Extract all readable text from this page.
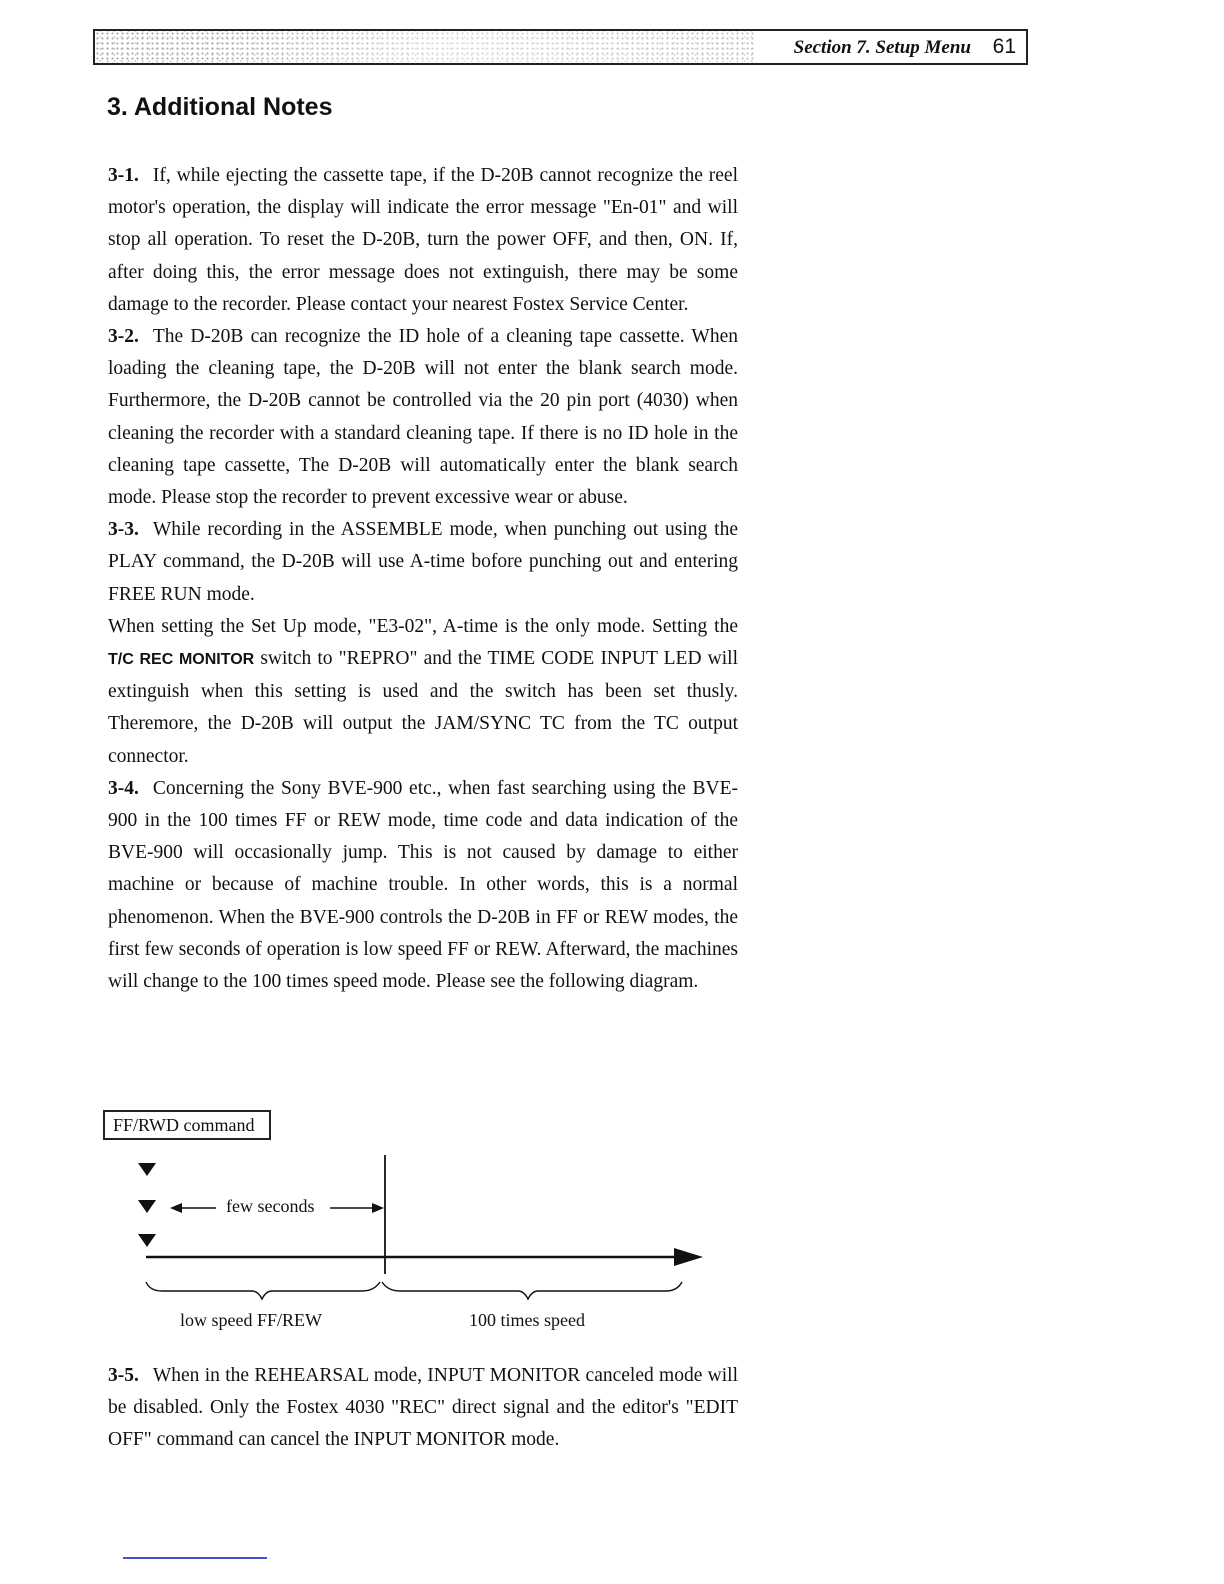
Section 7. Setup Menu 61
3. Additional Notes

3-1. If, while ejecting the cassette tape, if the D-20B cannot recognize the reel motor's operation, the display will indicate the error message "En-01" and will stop all operation. To reset the D-20B, turn the power OFF, and then, ON. If, after doing this, the error message does not extinguish, there may be some damage to the recorder. Please contact your nearest Fostex Service Center.

3-2. The D-20B can recognize the ID hole of a cleaning tape cassette. When loading the cleaning tape, the D-20B will not enter the blank search mode. Furthermore, the D-20B cannot be controlled via the 20 pin port (4030) when cleaning the recorder with a standard cleaning tape. If there is no ID hole in the cleaning tape cassette, The D-20B will automatically enter the blank search mode. Please stop the recorder to prevent excessive wear or abuse.

3-3. While recording in the ASSEMBLE mode, when punching out using the PLAY command, the D-20B will use A-time bofore punching out and entering FREE RUN mode.

When setting the Set Up mode, "E3-02", A-time is the only mode. Setting the T/C REC MONITOR switch to "REPRO" and the TIME CODE INPUT LED will extinguish when this setting is used and the switch has been set thusly. Theremore, the D-20B will output the JAM/SYNC TC from the TC output connector.

3-4. Concerning the Sony BVE-900 etc., when fast searching using the BVE-900 in the 100 times FF or REW mode, time code and data indication of the BVE-900 will occasionally jump. This is not caused by damage to either machine or because of machine trouble. In other words, this is a normal phenomenon. When the BVE-900 controls the D-20B in FF or REW modes, the first few seconds of operation is low speed FF or REW. Afterward, the machines will change to the 100 times speed mode. Please see the following diagram.

FF/RWD command
few seconds
low speed FF/REW	100 times speed

3-5. When in the REHEARSAL mode, INPUT MONITOR canceled mode will be disabled. Only the Fostex 4030 "REC" direct signal and the editor's "EDIT OFF" command can cancel the INPUT MONITOR mode.
